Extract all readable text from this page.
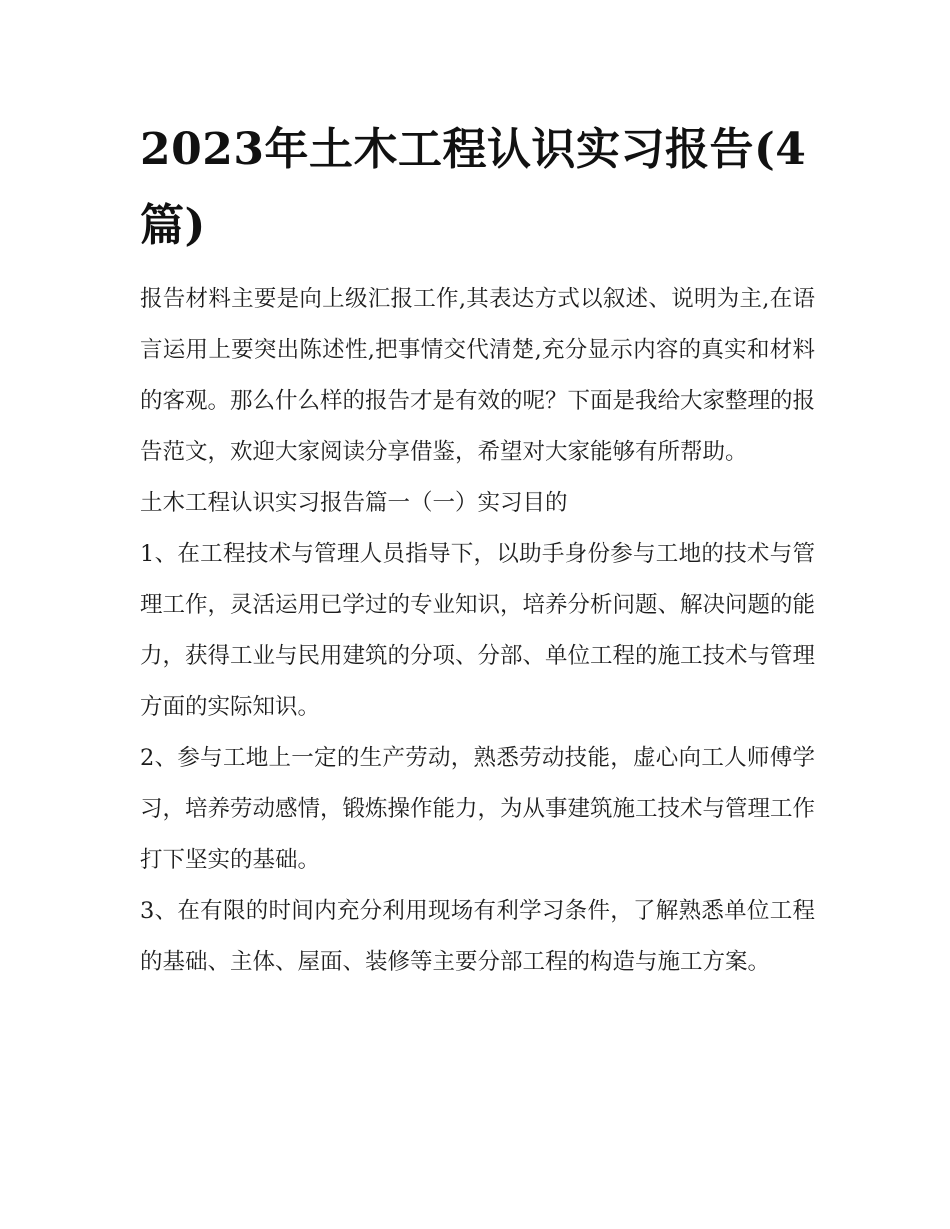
2023年土木工程认识实习报告(4篇)

报告材料主要是向上级汇报工作,其表达方式以叙述、说明为主,在语言运用上要突出陈述性,把事情交代清楚,充分显示内容的真实和材料的客观。那么什么样的报告才是有效的呢？下面是我给大家整理的报告范文，欢迎大家阅读分享借鉴，希望对大家能够有所帮助。

土木工程认识实习报告篇一（一）实习目的

1、在工程技术与管理人员指导下，以助手身份参与工地的技术与管理工作，灵活运用已学过的专业知识，培养分析问题、解决问题的能力，获得工业与民用建筑的分项、分部、单位工程的施工技术与管理方面的实际知识。

2、参与工地上一定的生产劳动，熟悉劳动技能，虚心向工人师傅学习，培养劳动感情，锻炼操作能力，为从事建筑施工技术与管理工作打下坚实的基础。

3、在有限的时间内充分利用现场有利学习条件，了解熟悉单位工程的基础、主体、屋面、装修等主要分部工程的构造与施工方案。
